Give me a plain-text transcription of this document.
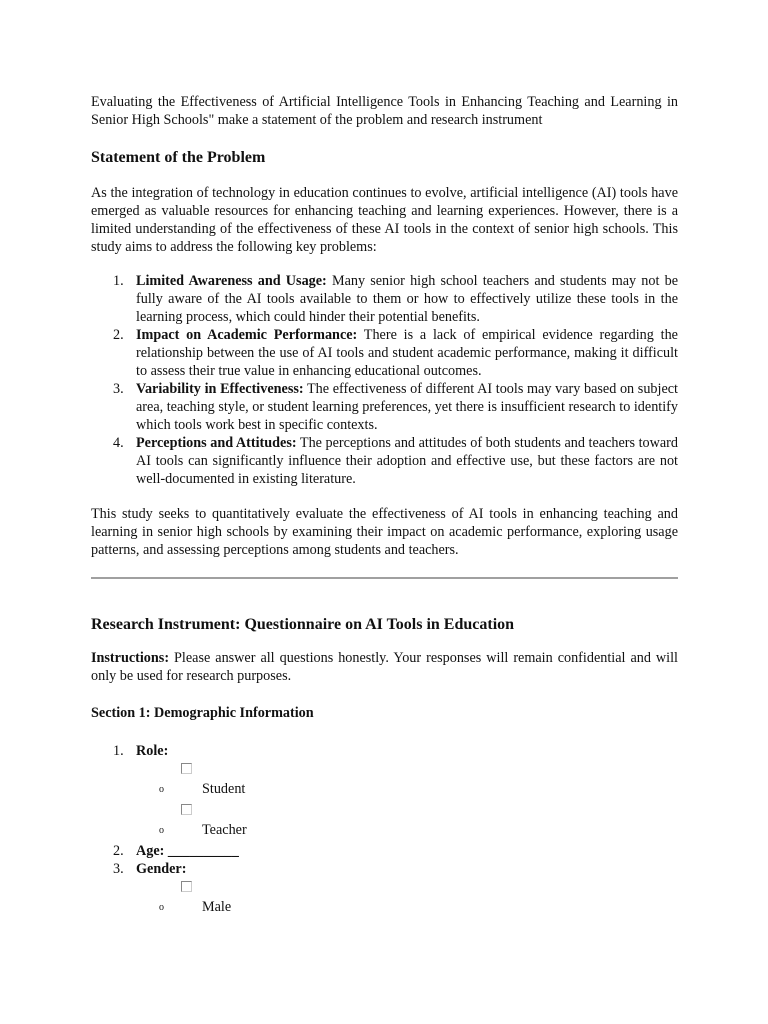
Evaluating the Effectiveness of Artificial Intelligence Tools in Enhancing Teaching and Learning in Senior High Schools" make a statement of the problem and research instrument

Statement of the Problem

As the integration of technology in education continues to evolve, artificial intelligence (AI) tools have emerged as valuable resources for enhancing teaching and learning experiences. However, there is a limited understanding of the effectiveness of these AI tools in the context of senior high schools. This study aims to address the following key problems:

1. Limited Awareness and Usage: Many senior high school teachers and students may not be fully aware of the AI tools available to them or how to effectively utilize these tools in the learning process, which could hinder their potential benefits.
2. Impact on Academic Performance: There is a lack of empirical evidence regarding the relationship between the use of AI tools and student academic performance, making it difficult to assess their true value in enhancing educational outcomes.
3. Variability in Effectiveness: The effectiveness of different AI tools may vary based on subject area, teaching style, or student learning preferences, yet there is insufficient research to identify which tools work best in specific contexts.
4. Perceptions and Attitudes: The perceptions and attitudes of both students and teachers toward AI tools can significantly influence their adoption and effective use, but these factors are not well-documented in existing literature.

This study seeks to quantitatively evaluate the effectiveness of AI tools in enhancing teaching and learning in senior high schools by examining their impact on academic performance, exploring usage patterns, and assessing perceptions among students and teachers.

Research Instrument: Questionnaire on AI Tools in Education

Instructions: Please answer all questions honestly. Your responses will remain confidential and will only be used for research purposes.

Section 1: Demographic Information
1. Role:
o	Student
o	Teacher
2. Age: __________
3. Gender:
o	Male
